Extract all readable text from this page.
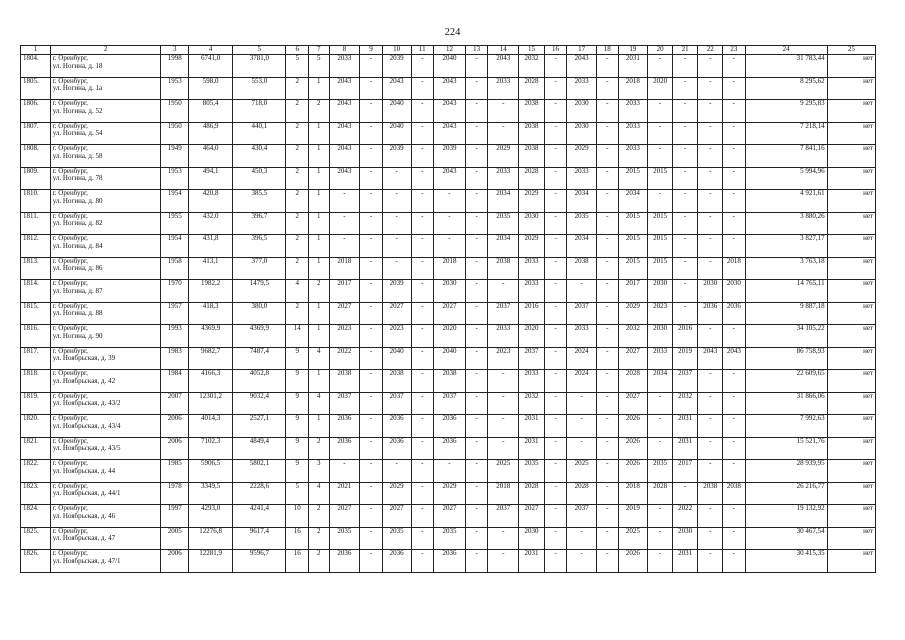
224
1	2	3	4	5	6	7	8	9	10	11	12	13	14	15	16	17	18	19	20	21	22	23	24	25
1804.	г. Оренбург,
ул. Ногина, д. 18	1998	6741,0	3781,0	5	5	2033	-	2039	-	2040	-	2043	2032	-	2043	-	2031	-	-	-	-	31 783,44	нет
1805.	г. Оренбург,
ул. Ногина, д. 1а	1953	598,0	553,0	2	1	2043	-	2043	-	2043	-	2033	2028	-	2033	-	2018	2020	-	-	-	8 295,62	нет
1806.	г. Оренбург,
ул. Ногина, д. 52	1950	805,4	718,0	2	2	2043	-	2040	-	2043	-	-	2038	-	2030	-	2033	-	-	-	-	9 295,83	нет
1807.	г. Оренбург,
ул. Ногина, д. 54	1950	486,9	440,1	2	1	2043	-	2040	-	2043	-	-	2038	-	2030	-	2033	-	-	-	-	7 218,14	нет
1808.	г. Оренбург,
ул. Ногина, д. 58	1949	464,0	430,4	2	1	2043	-	2039	-	2039	-	2029	2038	-	2029	-	2033	-	-	-	-	7 841,16	нет
1809.	г. Оренбург,
ул. Ногина, д. 78	1953	494,1	450,3	2	1	2043	-	-	-	2043	-	2033	2028	-	2033	-	2015	2015	-	-	-	5 994,96	нет
1810.	г. Оренбург,
ул. Ногина, д. 80	1954	420,8	385,5	2	1	-	-	-	-	-	-	2034	2029	-	2034	-	2034	-	-	-	-	4 921,61	нет
1811.	г. Оренбург,
ул. Ногина, д. 82	1955	432,0	396,7	2	1	-	-	-	-	-	-	2035	2030	-	2035	-	2015	2015	-	-	-	3 880,26	нет
1812.	г. Оренбург,
ул. Ногина, д. 84	1954	431,8	396,5	2	1	-	-	-	-	-	-	2034	2029	-	2034	-	2015	2015	-	-	-	3 827,17	нет
1813.	г. Оренбург,
ул. Ногина, д. 86	1958	413,1	377,0	2	1	2018	-	-	-	2018	-	2038	2033	-	2038	-	2015	2015	-	-	2018	3 763,18	нет
1814.	г. Оренбург,
ул. Ногина, д. 87	1970	1982,2	1479,5	4	2	2017	-	2039	-	2030	-	-	2033	-	-	-	2017	2030	-	2030	2030	14 765,11	нет
1815.	г. Оренбург,
ул. Ногина, д. 88	1957	418,3	380,0	2	1	2027	-	2027	-	2027	-	2037	2016	-	2037	-	2029	2023	-	2036	2036	9 887,18	нет
1816.	г. Оренбург,
ул. Ногина, д. 90	1993	4369,9	4369,9	14	1	2023	-	2023	-	2020	-	2033	2020	-	2033	-	2032	2030	2016	-	-	34 105,22	нет
1817.	г. Оренбург,
ул. Ноябрьская, д. 39	1983	9682,7	7487,4	9	4	2022	-	2040	-	2040	-	2023	2037	-	2024	-	2027	2033	2019	2043	2043	86 758,93	нет
1818.	г. Оренбург,
ул. Ноябрьская, д. 42	1984	4166,3	4052,8	9	1	2038	-	2038	-	2038	-	-	2033	-	2024	-	2028	2034	2037	-	-	22 609,65	нет
1819.	г. Оренбург,
ул. Ноябрьская, д. 43/2	2007	12301,2	9032,4	9	4	2037	-	2037	-	2037	-	-	2032	-	-	-	2027	-	2032	-	-	31 866,06	нет
1820.	г. Оренбург,
ул. Ноябрьская, д. 43/4	2006	4014,3	2527,1	9	1	2036	-	2036	-	2036	-	-	2031	-	-	-	2026	-	2031	-	-	7 992,63	нет
1821.	г. Оренбург,
ул. Ноябрьская, д. 43/5	2006	7102,3	4849,4	9	2	2036	-	2036	-	2036	-	-	2031	-	-	-	2026	-	2031	-	-	15 521,76	нет
1822.	г. Оренбург,
ул. Ноябрьская, д. 44	1985	5906,5	5802,1	9	3	-	-	-	-	-	-	2025	2035	-	2025	-	2026	2035	2017	-	-	28 939,95	нет
1823.	г. Оренбург,
ул. Ноябрьская, д. 44/1	1978	3349,5	2228,6	5	4	2021	-	2029	-	2029	-	2018	2028	-	2028	-	2018	2028	-	2038	2038	26 216,77	нет
1824.	г. Оренбург,
ул. Ноябрьская, д. 46	1997	4293,0	4241,4	10	2	2027	-	2027	-	2027	-	2037	2027	-	2037	-	2019	-	2022	-	-	19 132,92	нет
1825.	г. Оренбург,
ул. Ноябрьская, д. 47	2005	12276,8	9617,4	16	2	2035	-	2035	-	2035	-	-	2030	-	-	-	2025	-	2030	-	-	30 467,54	нет
1826.	г. Оренбург,
ул. Ноябрьская, д. 47/1	2006	12281,9	9596,7	16	2	2036	-	2036	-	2036	-	-	2031	-	-	-	2026	-	2031	-	-	30 415,35	нет
